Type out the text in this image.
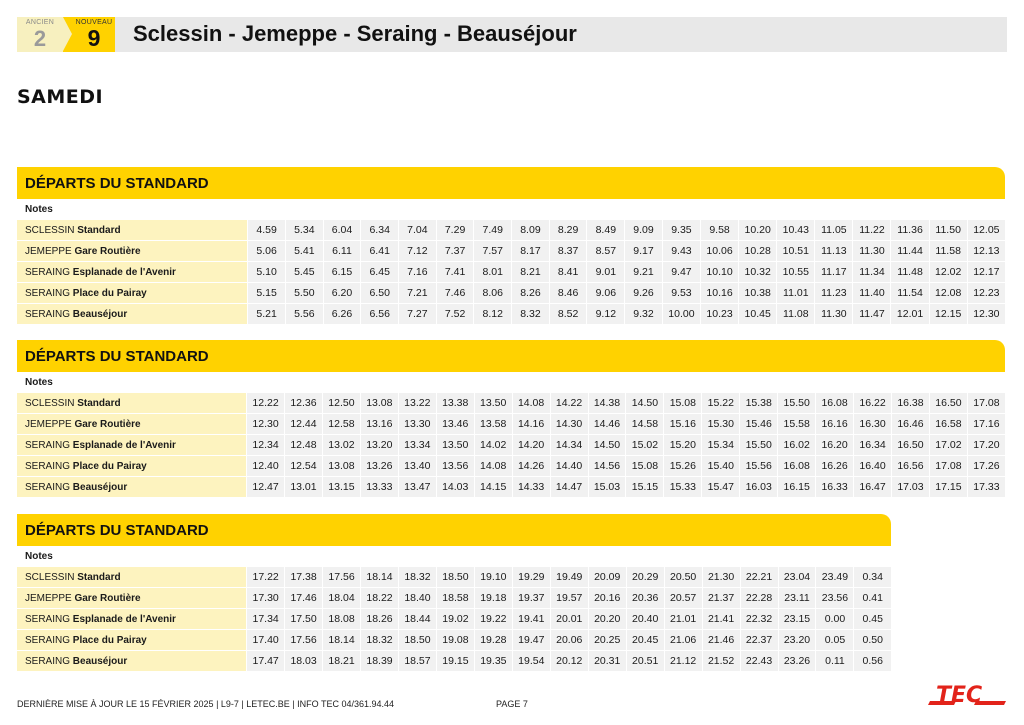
ANCIEN
2
NOUVEAU
9	Sclessin - Jemeppe - Seraing - Beauséjour
SAMEDI
DÉPARTS DU STANDARD
Notes
SCLESSIN Standard	4.59	5.34	6.04	6.34	7.04	7.29	7.49	8.09	8.29	8.49	9.09	9.35	9.58	10.20	10.43	11.05	11.22	11.36	11.50	12.05
JEMEPPE Gare Routière	5.06	5.41	6.11	6.41	7.12	7.37	7.57	8.17	8.37	8.57	9.17	9.43	10.06	10.28	10.51	11.13	11.30	11.44	11.58	12.13
SERAING Esplanade de l'Avenir	5.10	5.45	6.15	6.45	7.16	7.41	8.01	8.21	8.41	9.01	9.21	9.47	10.10	10.32	10.55	11.17	11.34	11.48	12.02	12.17
SERAING Place du Pairay	5.15	5.50	6.20	6.50	7.21	7.46	8.06	8.26	8.46	9.06	9.26	9.53	10.16	10.38	11.01	11.23	11.40	11.54	12.08	12.23
SERAING Beauséjour	5.21	5.56	6.26	6.56	7.27	7.52	8.12	8.32	8.52	9.12	9.32	10.00	10.23	10.45	11.08	11.30	11.47	12.01	12.15	12.30
DÉPARTS DU STANDARD
Notes
SCLESSIN Standard	12.22	12.36	12.50	13.08	13.22	13.38	13.50	14.08	14.22	14.38	14.50	15.08	15.22	15.38	15.50	16.08	16.22	16.38	16.50	17.08
JEMEPPE Gare Routière	12.30	12.44	12.58	13.16	13.30	13.46	13.58	14.16	14.30	14.46	14.58	15.16	15.30	15.46	15.58	16.16	16.30	16.46	16.58	17.16
SERAING Esplanade de l'Avenir	12.34	12.48	13.02	13.20	13.34	13.50	14.02	14.20	14.34	14.50	15.02	15.20	15.34	15.50	16.02	16.20	16.34	16.50	17.02	17.20
SERAING Place du Pairay	12.40	12.54	13.08	13.26	13.40	13.56	14.08	14.26	14.40	14.56	15.08	15.26	15.40	15.56	16.08	16.26	16.40	16.56	17.08	17.26
SERAING Beauséjour	12.47	13.01	13.15	13.33	13.47	14.03	14.15	14.33	14.47	15.03	15.15	15.33	15.47	16.03	16.15	16.33	16.47	17.03	17.15	17.33
DÉPARTS DU STANDARD
Notes
SCLESSIN Standard	17.22	17.38	17.56	18.14	18.32	18.50	19.10	19.29	19.49	20.09	20.29	20.50	21.30	22.21	23.04	23.49	0.34
JEMEPPE Gare Routière	17.30	17.46	18.04	18.22	18.40	18.58	19.18	19.37	19.57	20.16	20.36	20.57	21.37	22.28	23.11	23.56	0.41
SERAING Esplanade de l'Avenir	17.34	17.50	18.08	18.26	18.44	19.02	19.22	19.41	20.01	20.20	20.40	21.01	21.41	22.32	23.15	0.00	0.45
SERAING Place du Pairay	17.40	17.56	18.14	18.32	18.50	19.08	19.28	19.47	20.06	20.25	20.45	21.06	21.46	22.37	23.20	0.05	0.50
SERAING Beauséjour	17.47	18.03	18.21	18.39	18.57	19.15	19.35	19.54	20.12	20.31	20.51	21.12	21.52	22.43	23.26	0.11	0.56
DERNIÈRE MISE À JOUR LE 15 FÉVRIER 2025 | L9-7 | LETEC.BE | INFO TEC 04/361.94.44	PAGE 7	TEC
